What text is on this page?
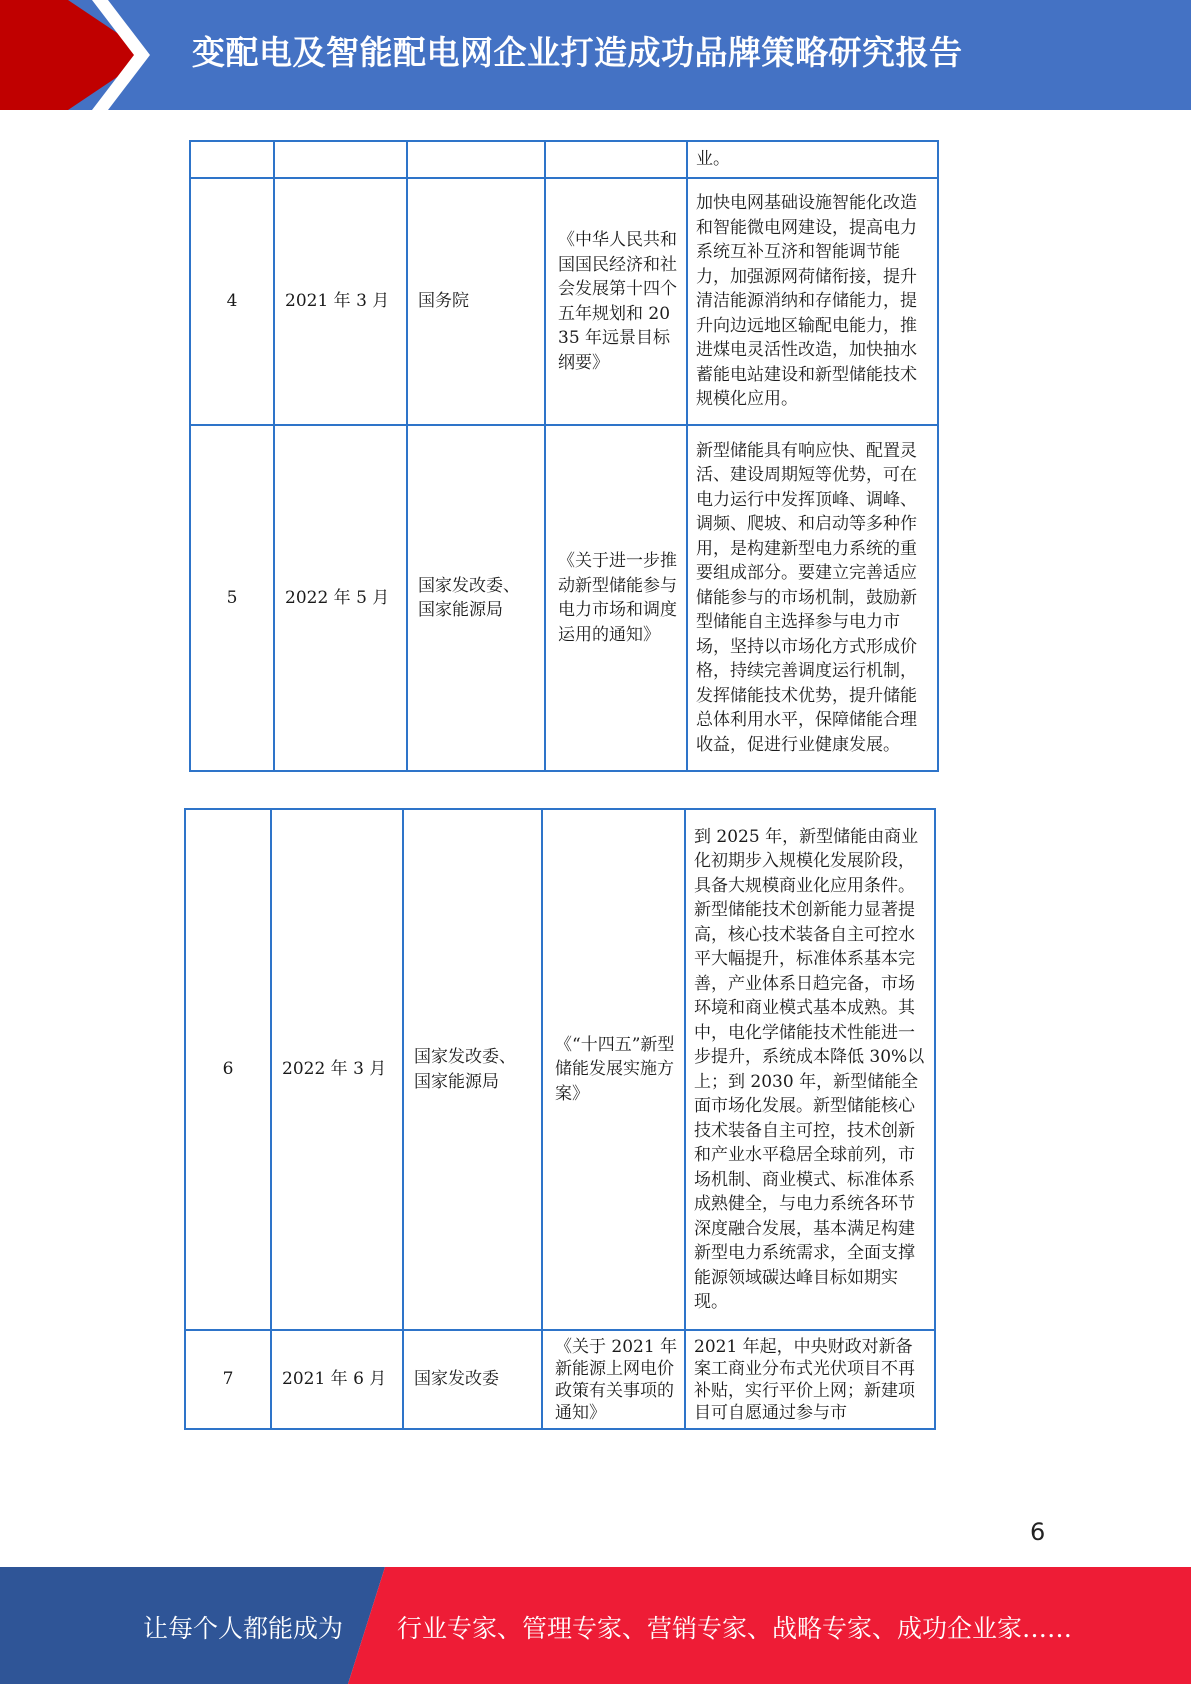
变配电及智能配电网企业打造成功品牌策略研究报告
				业。
4	2021 年 3 月	国务院	《中华人民共和国国民经济和社会发展第十四个五年规划和 2035 年远景目标纲要》	加快电网基础设施智能化改造和智能微电网建设，提高电力系统互补互济和智能调节能力，加强源网荷储衔接，提升清洁能源消纳和存储能力，提升向边远地区输配电能力，推进煤电灵活性改造，加快抽水蓄能电站建设和新型储能技术规模化应用。
5	2022 年 5 月	国家发改委、国家能源局	《关于进一步推动新型储能参与电力市场和调度运用的通知》	新型储能具有响应快、配置灵活、建设周期短等优势，可在电力运行中发挥顶峰、调峰、调频、爬坡、和启动等多种作用，是构建新型电力系统的重要组成部分。要建立完善适应储能参与的市场机制，鼓励新型储能自主选择参与电力市场，坚持以市场化方式形成价格，持续完善调度运行机制，发挥储能技术优势，提升储能总体利用水平，保障储能合理收益，促进行业健康发展。
6	2022 年 3 月	国家发改委、国家能源局	《“十四五”新型储能发展实施方案》	到 2025 年，新型储能由商业化初期步入规模化发展阶段，具备大规模商业化应用条件。新型储能技术创新能力显著提高，核心技术装备自主可控水平大幅提升，标准体系基本完善，产业体系日趋完备，市场环境和商业模式基本成熟。其中，电化学储能技术性能进一步提升，系统成本降低 30%以上；到 2030 年，新型储能全面市场化发展。新型储能核心技术装备自主可控，技术创新和产业水平稳居全球前列，市场机制、商业模式、标准体系成熟健全，与电力系统各环节深度融合发展，基本满足构建新型电力系统需求，全面支撑能源领域碳达峰目标如期实现。
7	2021 年 6 月	国家发改委	《关于 2021 年新能源上网电价政策有关事项的通知》	2021 年起，中央财政对新备案工商业分布式光伏项目不再补贴，实行平价上网；新建项目可自愿通过参与市
6
让每个人都能成为 行业专家、管理专家、营销专家、战略专家、成功企业家……
